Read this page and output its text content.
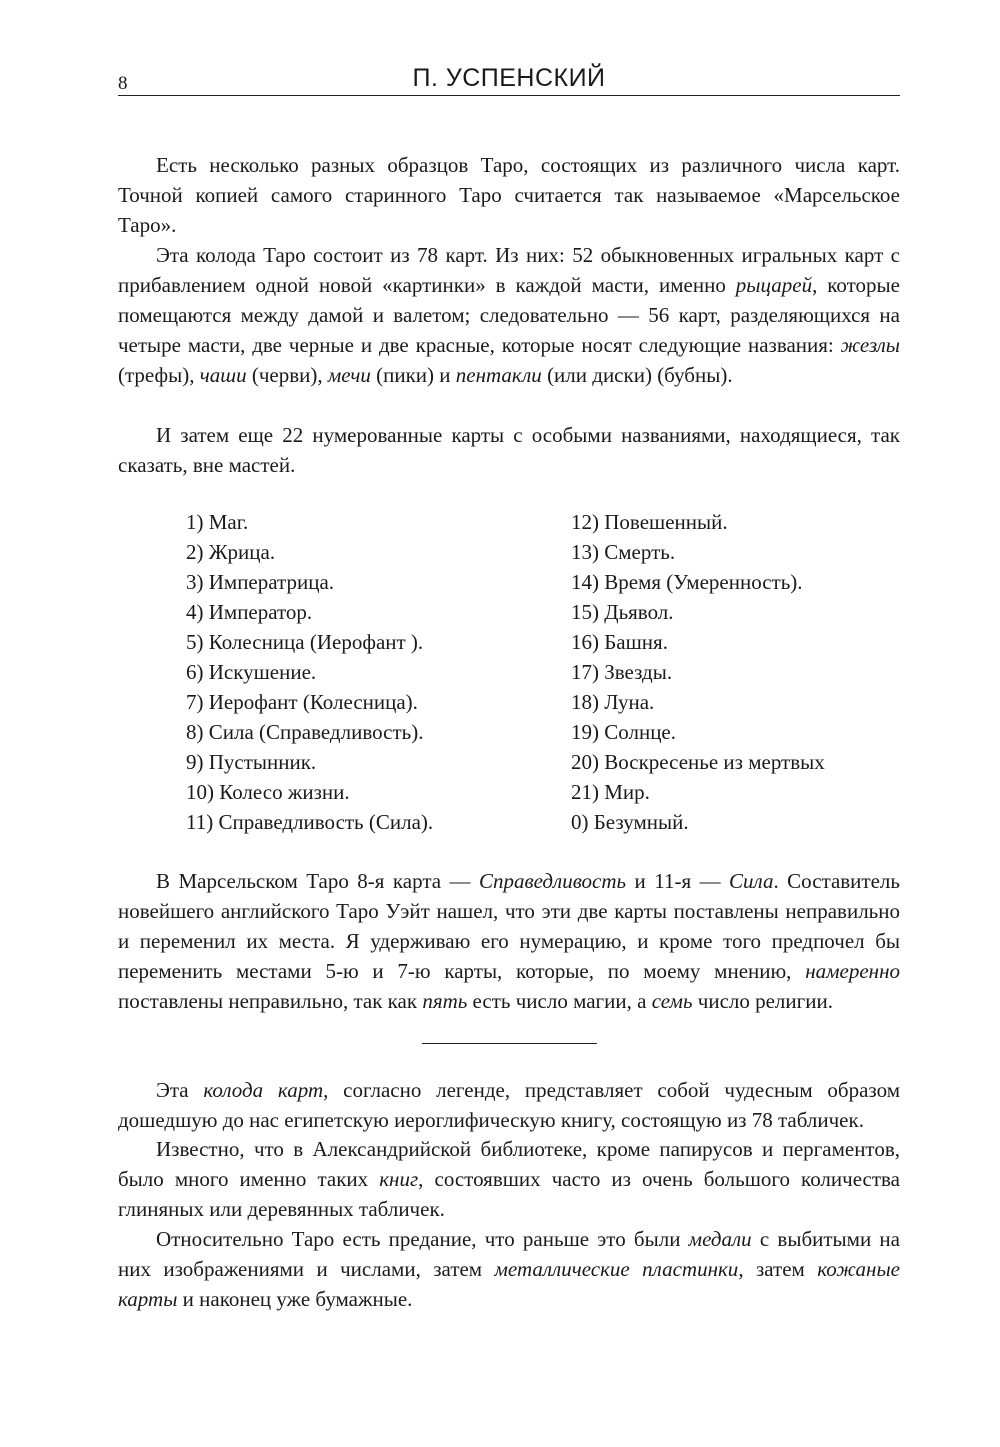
8	П. УСПЕНСКИЙ

Есть несколько разных образцов Таро, состоящих из различного числа карт. Точной копией самого старинного Таро считается так называемое «Марсельское Таро».

Эта колода Таро состоит из 78 карт. Из них: 52 обыкновенных игральных карт с прибавлением одной новой «картинки» в каждой масти, именно рыцарей, которые помещаются между дамой и валетом; следовательно — 56 карт, разделяющихся на четыре масти, две черные и две красные, которые носят следующие названия: жезлы (трефы), чаши (черви), мечи (пики) и пентакли (или диски) (бубны).

И затем еще 22 нумерованные карты с особыми названиями, находящиеся, так сказать, вне мастей.

1) Маг.
2) Жрица.
3) Императрица.
4) Император.
5) Колесница (Иерофант ).
6) Искушение.
7) Иерофант (Колесница).
8) Сила (Справедливость).
9) Пустынник.
10) Колесо жизни.
11) Справедливость (Сила).
12) Повешенный.
13) Смерть.
14) Время (Умеренность).
15) Дьявол.
16) Башня.
17) Звезды.
18) Луна.
19) Солнце.
20) Воскресенье из мертвых
21) Мир.
0) Безумный.

В Марсельском Таро 8-я карта — Справедливость и 11-я — Сила. Составитель новейшего английского Таро Уэйт нашел, что эти две карты поставлены неправильно и переменил их места. Я удерживаю его нумерацию, и кроме того предпочел бы переменить местами 5-ю и 7-ю карты, которые, по моему мнению, намеренно поставлены неправильно, так как пять есть число магии, а семь число религии.

Эта колода карт, согласно легенде, представляет собой чудесным образом дошедшую до нас египетскую иероглифическую книгу, состоящую из 78 табличек.

Известно, что в Александрийской библиотеке, кроме папирусов и пергаментов, было много именно таких книг, состоявших часто из очень большого количества глиняных или деревянных табличек.

Относительно Таро есть предание, что раньше это были медали с выбитыми на них изображениями и числами, затем металлические пластинки, затем кожаные карты и наконец уже бумажные.
